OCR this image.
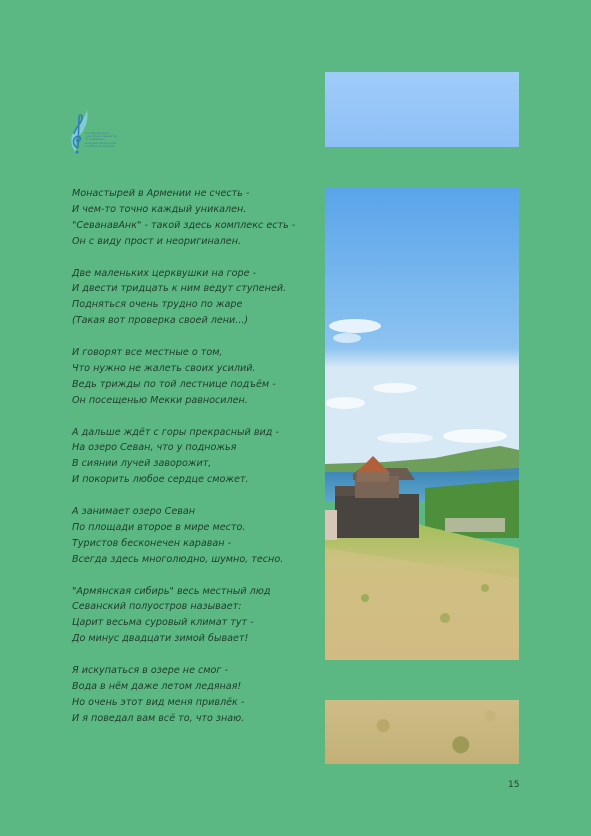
Российский фонд
культурных инициатив
по поддержке
молодежной культуры
в Сибирском регионе
Монастырей в Армении не счесть -
И чем-то точно каждый уникален.
"СеванавАнк" - такой здесь комплекс есть -
Он с виду прост и неоригинален.
Две маленьких церквушки на горе -
И двести тридцать к ним ведут ступеней.
Подняться очень трудно по жаре
(Такая вот проверка своей лени...)
И говорят все местные о том,
Что нужно не жалеть своих усилий.
Ведь трижды по той лестнице подъём -
Он посещенью Мекки равносилен.
А дальше ждёт с горы прекрасный вид -
На озеро Севан, что у подножья
В сиянии лучей заворожит,
И покорить любое сердце сможет.
А занимает озеро Севан
По площади второе в мире место.
Туристов бесконечен караван -
Всегда здесь многолюдно, шумно, тесно.
"Армянская сибирь" весь местный люд
Севанский полуостров называет:
Царит весьма суровый климат тут -
До минус двадцати зимой бывает!
Я искупаться в озере не смог -
Вода в нём даже летом ледяная!
Но очень этот вид меня привлёк -
И я поведал вам всё то, что знаю.
15
